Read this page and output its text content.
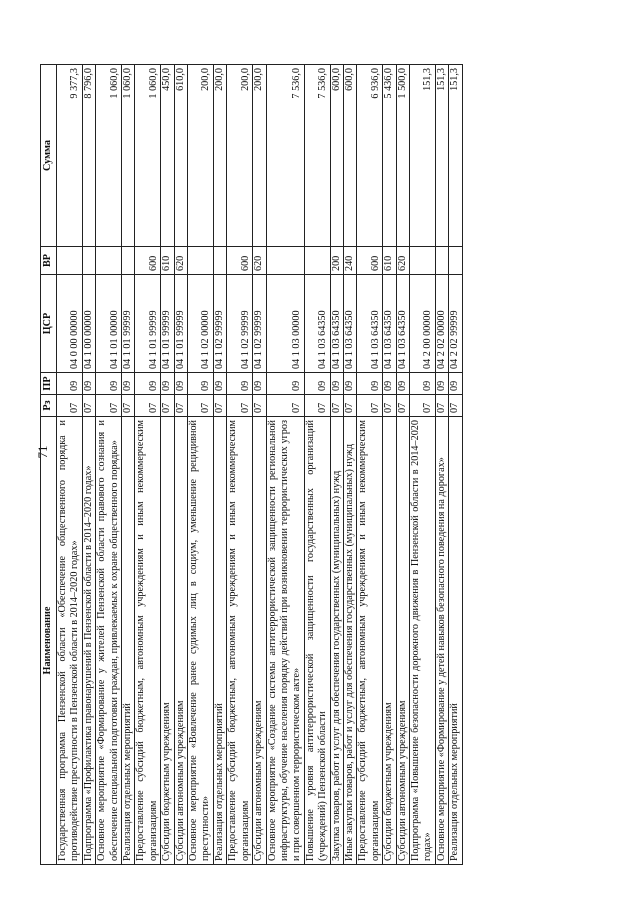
71
Наименование	Рз	ПР	ЦСР	ВР	Сумма
Государственная программа Пензенской области «Обеспечение общественного порядка и противодействие преступности в Пензенской области в 2014–2020 годах»	07	09	04 0 00 00000		9 377,3
Подпрограмма «Профилактика правонарушений в Пензенской области в 2014–2020 годах»	07	09	04 1 00 00000		8 796,0
Основное мероприятие «Формирование у жителей Пензенской области правового сознания и обеспечение специальной подготовки граждан, привлекаемых к охране общественного порядка»	07	09	04 1 01 00000		1 060,0
Реализация отдельных мероприятий	07	09	04 1 01 99999		1 060,0
Предоставление субсидий бюджетным, автономным учреждениям и иным некоммерческим организациям	07	09	04 1 01 99999	600	1 060,0
Субсидии бюджетным учреждениям	07	09	04 1 01 99999	610	450,0
Субсидии автономным учреждениям	07	09	04 1 01 99999	620	610,0
Основное мероприятие «Вовлечение ранее судимых лиц в социум, уменьшение рецидивной преступности»	07	09	04 1 02 00000		200,0
Реализация отдельных мероприятий	07	09	04 1 02 99999		200,0
Предоставление субсидий бюджетным, автономным учреждениям и иным некоммерческим организациям	07	09	04 1 02 99999	600	200,0
Субсидии автономным учреждениям	07	09	04 1 02 99999	620	200,0
Основное мероприятие «Создание системы антитеррористической защищенности региональной инфраструктуры, обучение населения порядку действий при возникновении террористических угроз и при совершенном террористическом акте»	07	09	04 1 03 00000		7 536,0
Повышение уровня антитеррористической защищенности государственных организаций (учреждений) Пензенской области	07	09	04 1 03 64350		7 536,0
Закупка товаров, работ и услуг для обеспечения государственных (муниципальных) нужд	07	09	04 1 03 64350	200	600,0
Иные закупки товаров, работ и услуг для обеспечения государственных (муниципальных) нужд	07	09	04 1 03 64350	240	600,0
Предоставление субсидий бюджетным, автономным учреждениям и иным некоммерческим организациям	07	09	04 1 03 64350	600	6 936,0
Субсидии бюджетным учреждениям	07	09	04 1 03 64350	610	5 436,0
Субсидии автономным учреждениям	07	09	04 1 03 64350	620	1 500,0
Подпрограмма «Повышение безопасности дорожного движения в Пензенской области в 2014–2020 годах»	07	09	04 2 00 00000		151,3
Основное мероприятие «Формирование у детей навыков безопасного поведения на дорогах»	07	09	04 2 02 00000		151,3
Реализация отдельных мероприятий	07	09	04 2 02 99999		151,3
